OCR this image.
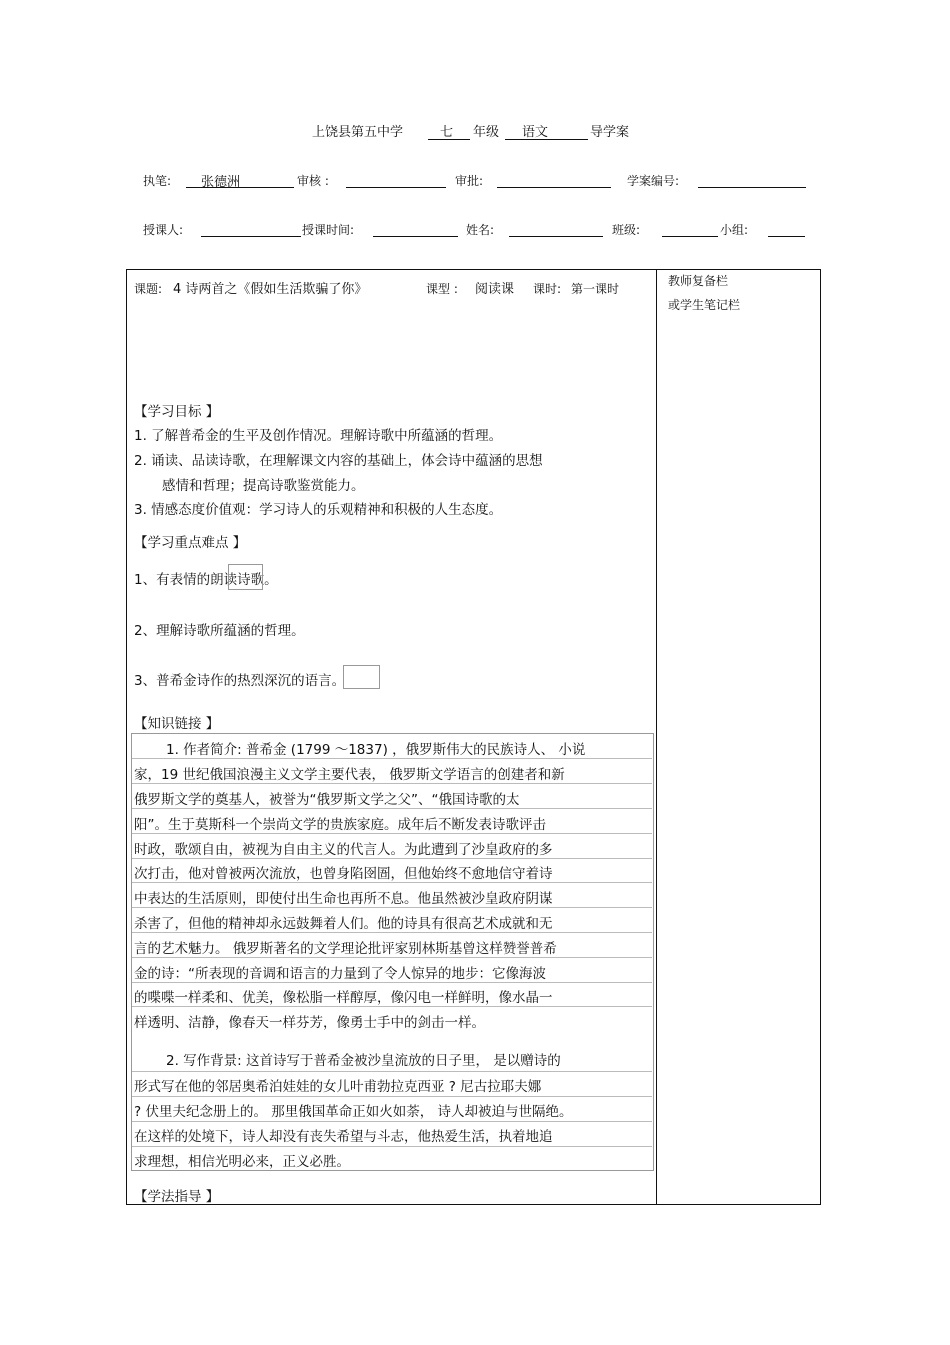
上饶县第五中学	七 年级 语文	导学案
执笔: 张德洲	审核 :	审批:	学案编号:
授课人:	授课时间:	姓名:	班级:	小组:
教师复备栏
或学生笔记栏
课题: 4 诗两首之《假如生活欺骗了你》	课型 : 阅读课 课时: 第一课时
【学习目标 】
1. 了解普希金的生平及创作情况。理解诗歌中所蕴涵的哲理。
2. 诵读、品读诗歌，在理解课文内容的基础上，体会诗中蕴涵的思想
感情和哲理；提高诗歌鉴赏能力。
3. 情感态度价值观：学习诗人的乐观精神和积极的人生态度。
【学习重点难点 】
1、有表情的朗读诗歌。
2、理解诗歌所蕴涵的哲理。
3、普希金诗作的热烈深沉的语言。
【知识链接 】
1. 作者简介: 普希金 (1799 ～1837) ，俄罗斯伟大的民族诗人、 小说
家，19 世纪俄国浪漫主义文学主要代表， 俄罗斯文学语言的创建者和新
俄罗斯文学的奠基人，被誉为“俄罗斯文学之父”、“俄国诗歌的太
阳”。生于莫斯科一个崇尚文学的贵族家庭。成年后不断发表诗歌评击
时政，歌颂自由，被视为自由主义的代言人。为此遭到了沙皇政府的多
次打击，他对曾被两次流放，也曾身陷囹圄，但他始终不愈地信守着诗
中表达的生活原则，即使付出生命也再所不息。他虽然被沙皇政府阴谋
杀害了，但他的精神却永远鼓舞着人们。他的诗具有很高艺术成就和无
言的艺术魅力。 俄罗斯著名的文学理论批评家别林斯基曾这样赞誉普希
金的诗：“所表现的音调和语言的力量到了令人惊异的地步：它像海波
的喋喋一样柔和、优美，像松脂一样醇厚，像闪电一样鲜明，像水晶一
样透明、洁静，像春天一样芬芳，像勇士手中的剑击一样。
2. 写作背景: 这首诗写于普希金被沙皇流放的日子里， 是以赠诗的
形式写在他的邻居奥希泊娃娃的女儿叶甫勃拉克西亚 ? 尼古拉耶夫娜
? 伏里夫纪念册上的。 那里俄国革命正如火如荼， 诗人却被迫与世隔绝。
在这样的处境下，诗人却没有丧失希望与斗志，他热爱生活，执着地追
求理想，相信光明必来，正义必胜。
【学法指导 】
